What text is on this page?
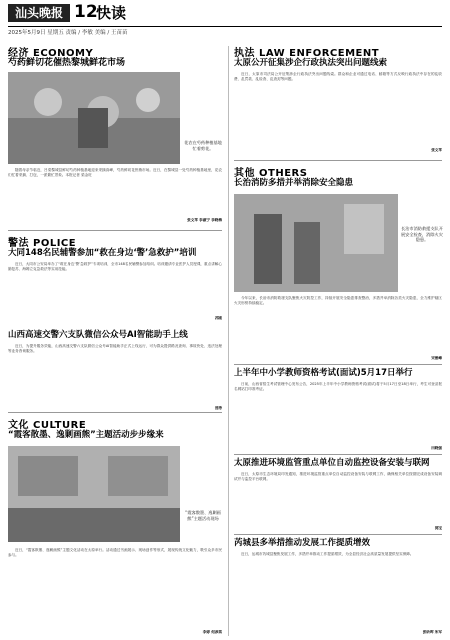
汕头晚报 12
快读
2025年5月9日 星期五 责编 / 李敏 美编 / 王苗苗
经济 ECONOMY
芍药鲜切花催热黎城鲜花市场
花农在芍药种植基地忙着剪花。

随着母亲节临近，吕梁黎城县鲜切芍药种植基地迎来采摘高峰，芍药鲜切花热销市场。近日，在黎城县一处芍药种植基地里，花农们忙着采摘、打包，一派繁忙景象。本报记者 梁金旺

张文苹 李淑宁 李晓梅
警法 POLICE
大同148名民辅警参加“救在身边‘警’急救护”培训

近日，大同市公安局举办了“救在身边‘警’急救护”专项培训，全市148名民辅警参加培训。培训邀请专业医护人员授课，重点讲解心肺复苏、海姆立克急救法等实用技能。

苏刚
山西高速交警六支队微信公众号AI智能助手上线

近日，为提升服务效能，山西高速交警六支队微信公众号AI智能助手正式上线运行，可为群众提供路况查询、事故快处、违法处理等业务咨询服务。

晋涛
文化 CULTURE
“霞客散墨、逸剿画熊”主题活动步步缘来
“霞客散墨、逸剿画熊”主题活动现场

近日，“霞客散墨、逸剿画熊”主题文化活动在太原举行。活动通过书画展示、现场创作等形式，展现传统文化魅力，吸引众多市民参与。

李婷 何彦茜
执法 LAW ENFORCEMENT
太原公开征集涉企行政执法突出问题线索

近日，太原市司法局公开征集涉企行政执法突出问题线索。群众和企业可通过电话、邮箱等方式反映行政执法中存在的乱收费、乱罚款、乱检查、乱查封等问题。

张文苹
其他 OTHERS
长治消防多措并举消除安全隐患
长治市消防救援支队开展安全检查，消除火灾隐患。

今年以来，长治市消防救援支队聚焦火灾防控工作，持续开展安全隐患排查整治，多措并举消除各类火灾隐患，全力维护辖区火灾形势持续稳定。

宋俊峰
上半年中小学教师资格考试(面试)5月17日举行

日前，山西省招生考试管理中心发布公告，2025年上半年中小学教师资格考试(面试)将于5月17日至18日举行，考生可登录报名网站打印准考证。

田晓强
太原推进环境监管重点单位自动监控设备安装与联网

近日，太原市生态环境局印发通知，推进环境监管重点单位自动监控设备安装与联网工作，确保相关单位按期完成设备安装调试并与监控平台联网。

郭宝
芮城县多举措推动发展工作提质增效

近日，运城市芮城县聚焦发展工作，多措并举推动工作提质增效，为全县经济社会高质量发展提供坚实保障。

张昕晖 朱军
